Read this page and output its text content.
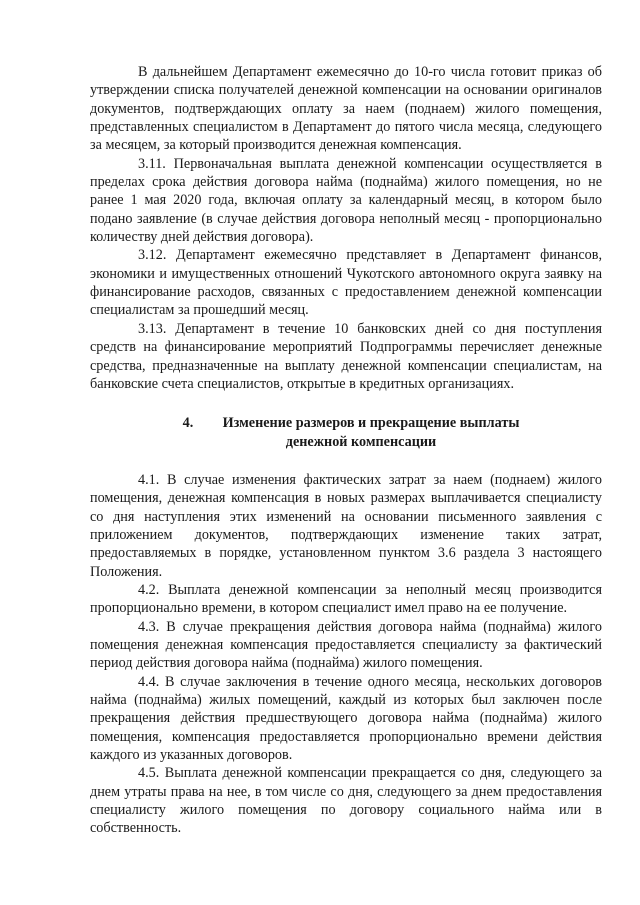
В дальнейшем Департамент ежемесячно до 10-го числа готовит приказ об утверждении списка получателей денежной компенсации на основании оригиналов документов, подтверждающих оплату за наем (поднаем) жилого помещения, представленных специалистом в Департамент до пятого числа месяца, следующего за месяцем, за который производится денежная компенсация.

3.11. Первоначальная выплата денежной компенсации осуществляется в пределах срока действия договора найма (поднайма) жилого помещения, но не ранее 1 мая 2020 года, включая оплату за календарный месяц, в котором было подано заявление (в случае действия договора неполный месяц - пропорционально количеству дней действия договора).

3.12. Департамент ежемесячно представляет в Департамент финансов, экономики и имущественных отношений Чукотского автономного округа заявку на финансирование расходов, связанных с предоставлением денежной компенсации специалистам за прошедший месяц.

3.13. Департамент в течение 10 банковских дней со дня поступления средств на финансирование мероприятий Подпрограммы перечисляет денежные средства, предназначенные на выплату денежной компенсации специалистам, на банковские счета специалистов, открытые в кредитных организациях.

4. Изменение размеров и прекращение выплаты
денежной компенсации

4.1. В случае изменения фактических затрат за наем (поднаем) жилого помещения, денежная компенсация в новых размерах выплачивается специалисту со дня наступления этих изменений на основании письменного заявления с приложением документов, подтверждающих изменение таких затрат, предоставляемых в порядке, установленном пунктом 3.6 раздела 3 настоящего Положения.

4.2. Выплата денежной компенсации за неполный месяц производится пропорционально времени, в котором специалист имел право на ее получение.

4.3. В случае прекращения действия договора найма (поднайма) жилого помещения денежная компенсация предоставляется специалисту за фактический период действия договора найма (поднайма) жилого помещения.

4.4. В случае заключения в течение одного месяца, нескольких договоров найма (поднайма) жилых помещений, каждый из которых был заключен после прекращения действия предшествующего договора найма (поднайма) жилого помещения, компенсация предоставляется пропорционально времени действия каждого из указанных договоров.

4.5. Выплата денежной компенсации прекращается со дня, следующего за днем утраты права на нее, в том числе со дня, следующего за днем предоставления специалисту жилого помещения по договору социального найма или в собственность.
